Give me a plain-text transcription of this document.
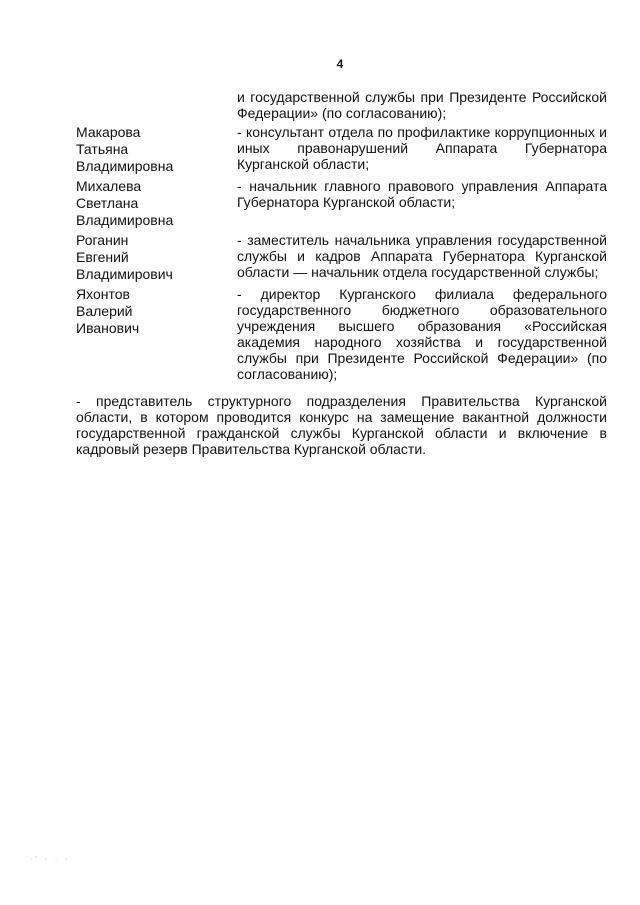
4
и государственной службы при Президенте Российской Федерации» (по согласованию);
Макарова
Татьяна
Владимировна
- консультант отдела по профилактике коррупционных и иных правонарушений Аппарата Губернатора Курганской области;
Михалева
Светлана
Владимировна
- начальник главного правового управления Аппарата Губернатора Курганской области;
Роганин
Евгений
Владимирович
- заместитель начальника управления государственной службы и кадров Аппарата Губернатора Курганской области — начальник отдела государственной службы;
Яхонтов
Валерий
Иванович
- директор Курганского филиала федерального государственного бюджетного образовательного учреждения высшего образования «Российская академия народного хозяйства и государственной службы при Президенте Российской Федерации» (по согласованию);
- представитель структурного подразделения Правительства Курганской области, в котором проводится конкурс на замещение вакантной должности государственной гражданской службы Курганской области и включение в кадровый резерв Правительства Курганской области.
·' · · ·
